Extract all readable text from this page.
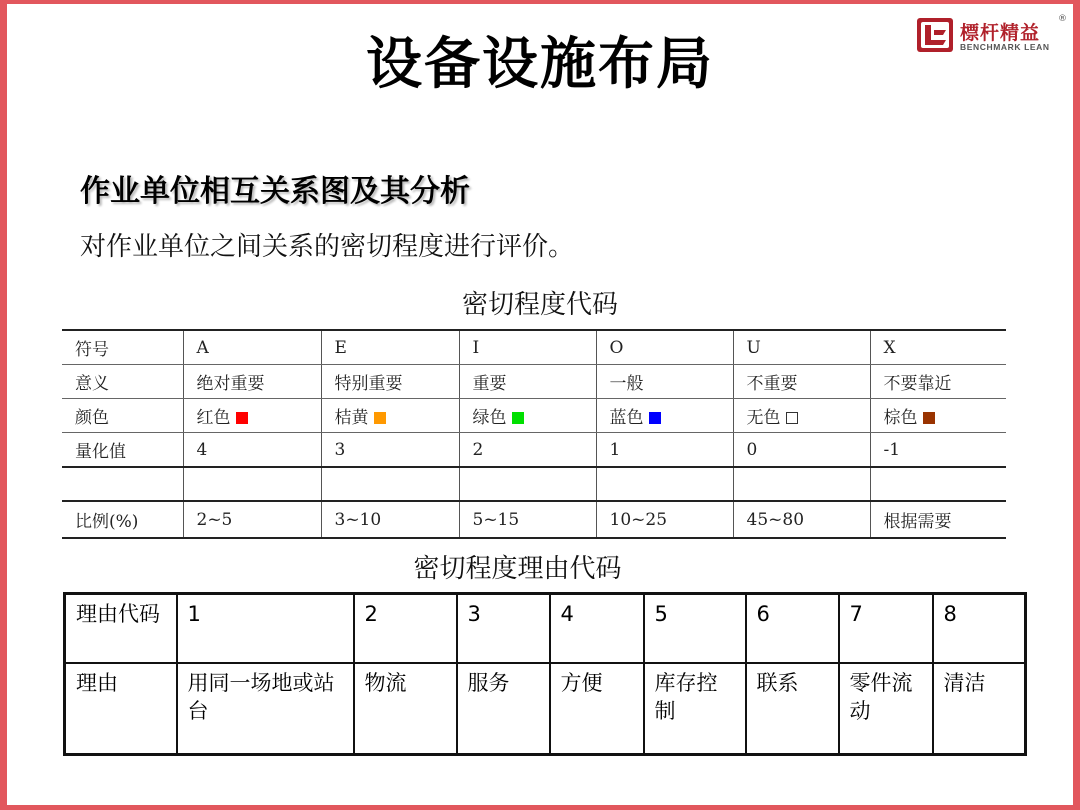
设备设施布局	標杆精益
®
BENCHMARK LEAN
作业单位相互关系图及其分析
对作业单位之间关系的密切程度进行评价。
密切程度代码
符号	A	E	I	O	U	X
意义	绝对重要	特别重要	重要	一般	不重要	不要靠近
颜色	红色	桔黄	绿色	蓝色	无色	棕色
量化值	4	3	2	1	0	-1

比例(%)	2~5	3~10	5~15	10~25	45~80	根据需要
密切程度理由代码
理由代码	1	2	3	4	5	6	7	8
理由	用同一场地或站台	物流	服务	方便	库存控制	联系	零件流动	清洁
